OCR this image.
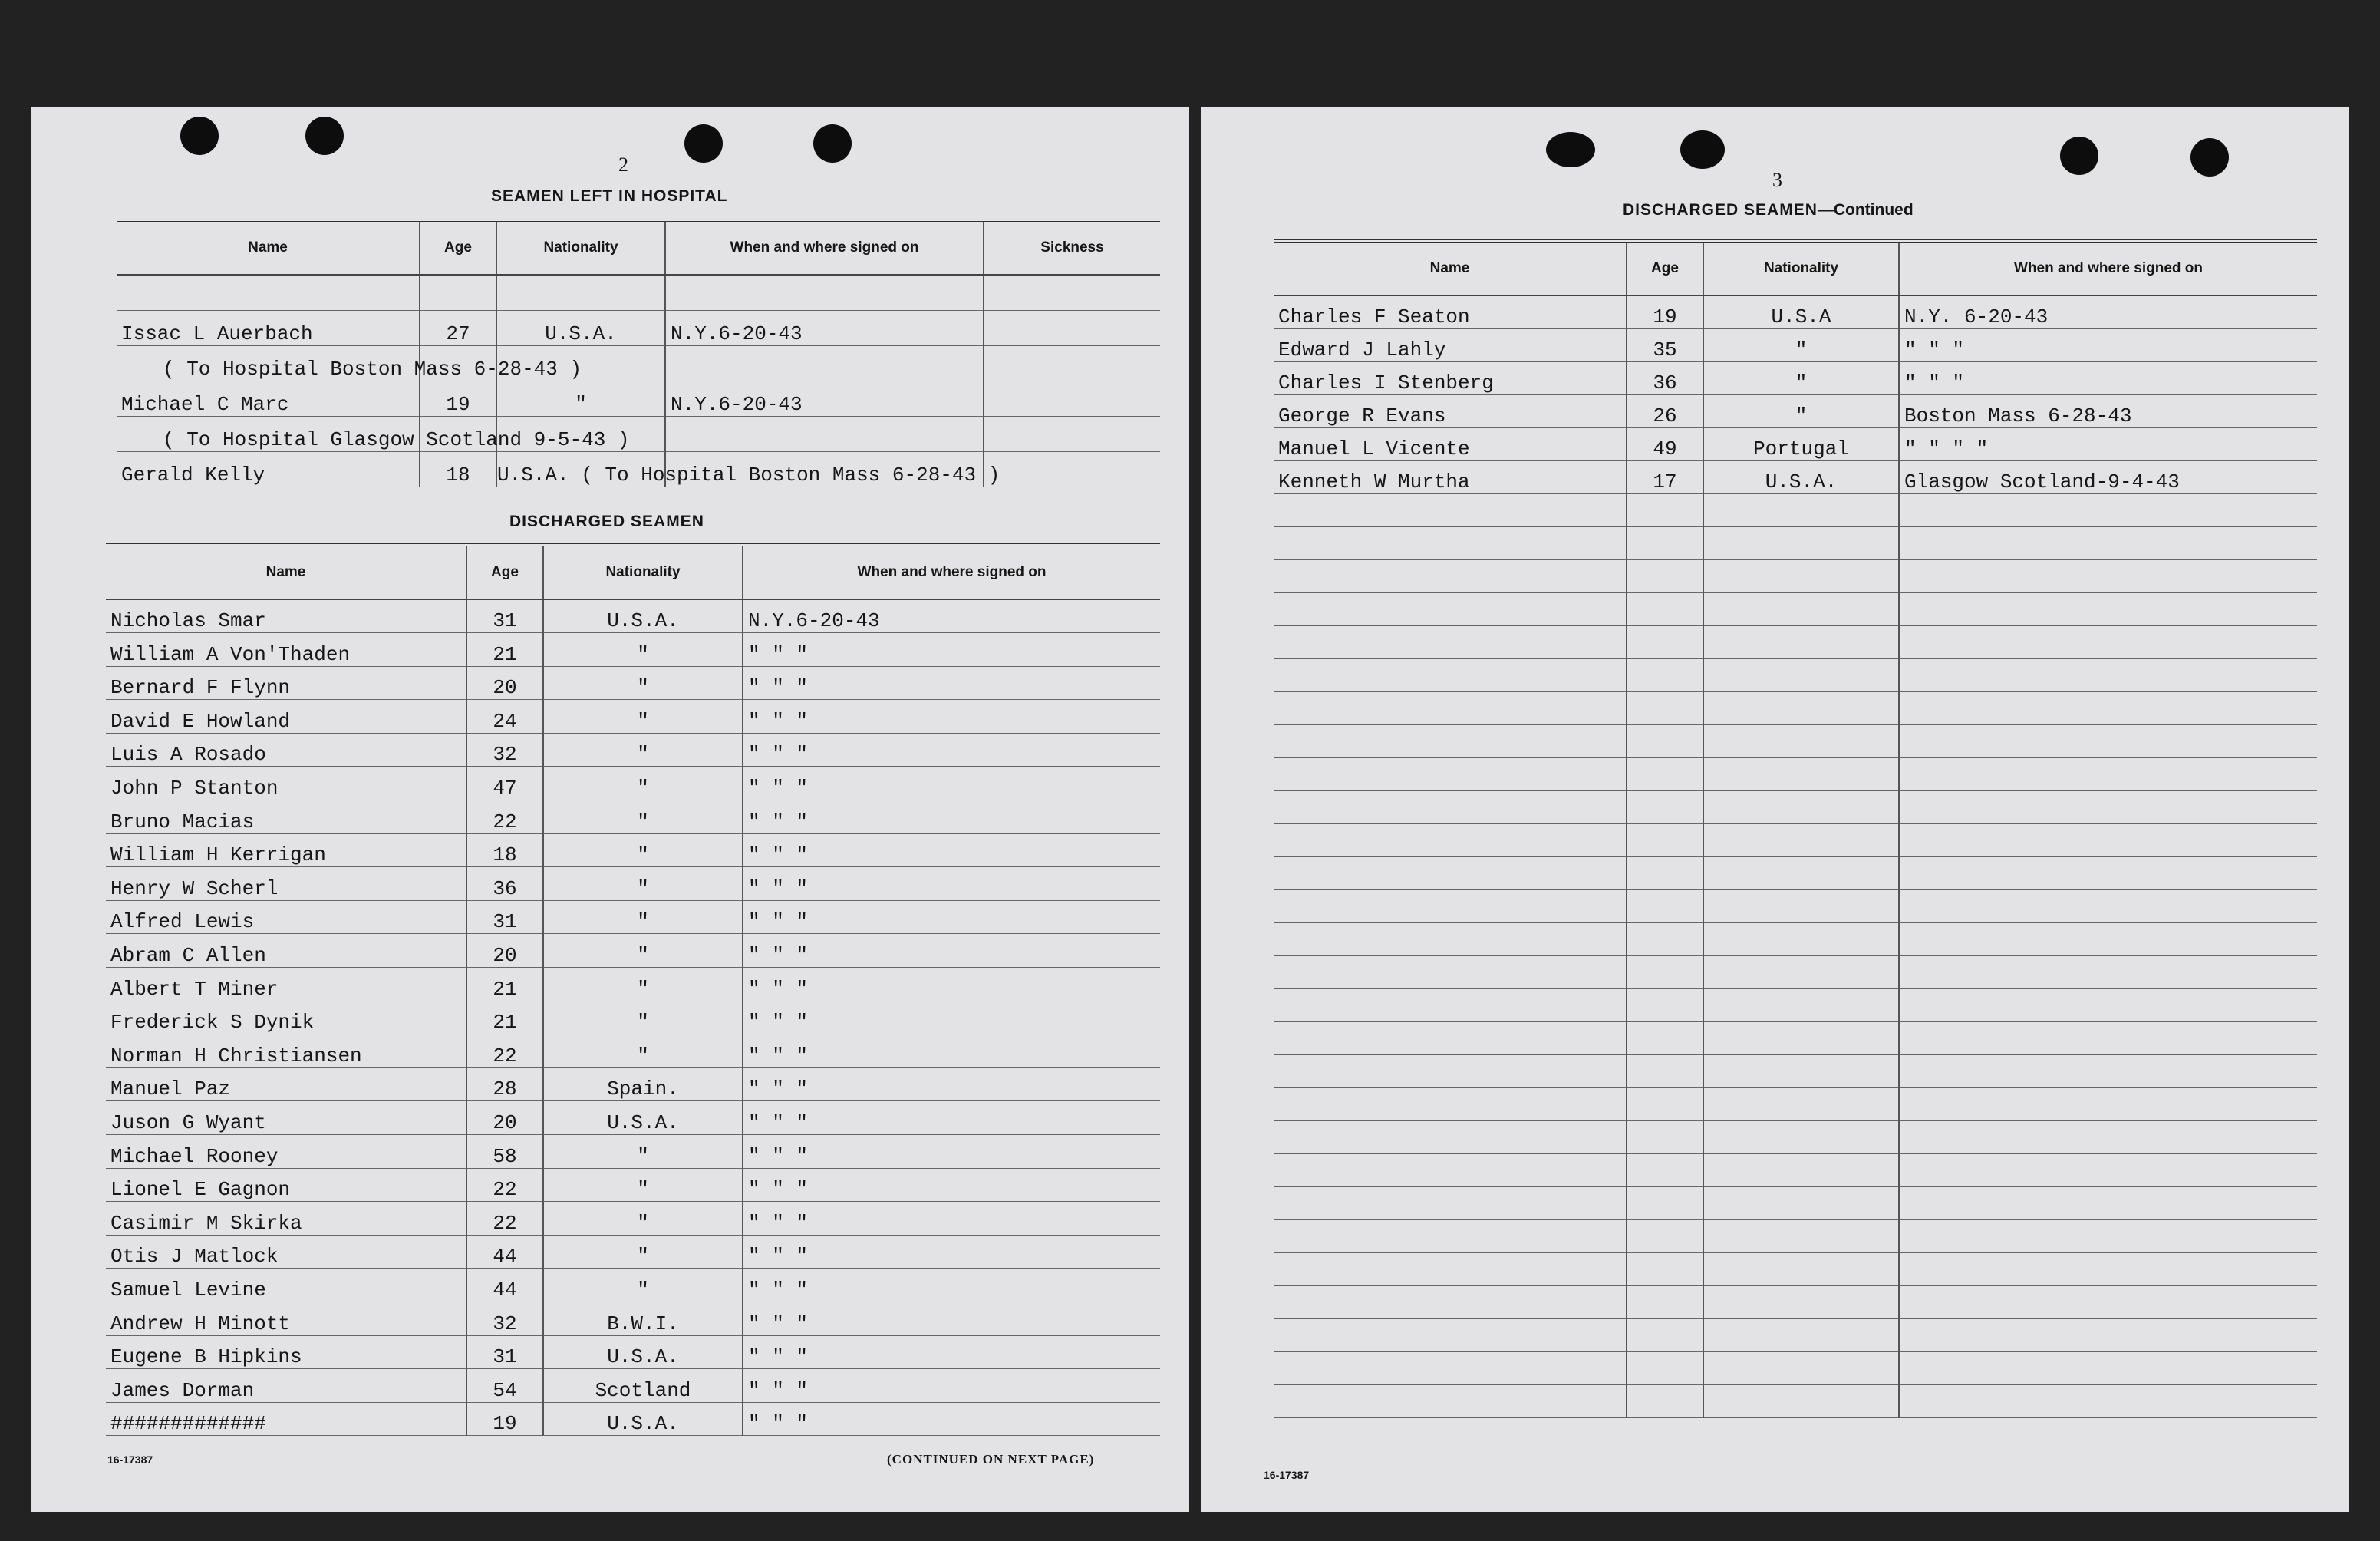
2
SEAMEN LEFT IN HOSPITAL
Name	Age	Nationality	When and where signed on	Sickness

Issac L Auerbach	27	U.S.A.	N.Y.6-20-43	
( To Hospital Boston Mass 6-28-43 )				
Michael C Marc	19	"	N.Y.6-20-43	
( To Hospital Glasgow Scotland 9-5-43 )				
Gerald Kelly	18	U.S.A. ( To Hospital Boston Mass 6-28-43 )		
DISCHARGED SEAMEN
Name	Age	Nationality	When and where signed on
Nicholas Smar	31	U.S.A.	N.Y.6-20-43
William A Von'Thaden	21	"	" " "
Bernard F Flynn	20	"	" " "
David E Howland	24	"	" " "
Luis A Rosado	32	"	" " "
John P Stanton	47	"	" " "
Bruno Macias	22	"	" " "
William H Kerrigan	18	"	" " "
Henry W Scherl	36	"	" " "
Alfred Lewis	31	"	" " "
Abram C Allen	20	"	" " "
Albert T Miner	21	"	" " "
Frederick S Dynik	21	"	" " "
Norman H Christiansen	22	"	" " "
Manuel Paz	28	Spain.	" " "
Juson G Wyant	20	U.S.A.	" " "
Michael Rooney	58	"	" " "
Lionel E Gagnon	22	"	" " "
Casimir M Skirka	22	"	" " "
Otis J Matlock	44	"	" " "
Samuel Levine	44	"	" " "
Andrew H Minott	32	B.W.I.	" " "
Eugene B Hipkins	31	U.S.A.	" " "
James Dorman	54	Scotland	" " "
#############	19	U.S.A.	" " "
16-17387	(CONTINUED ON NEXT PAGE)
3
DISCHARGED SEAMEN—Continued
Name	Age	Nationality	When and where signed on
Charles F Seaton	19	U.S.A	N.Y. 6-20-43
Edward J Lahly	35	"	" " "
Charles I Stenberg	36	"	" " "
George R Evans	26	"	Boston Mass 6-28-43
Manuel L Vicente	49	Portugal	" " " "
Kenneth W Murtha	17	U.S.A.	Glasgow Scotland-9-4-43

16-17387
